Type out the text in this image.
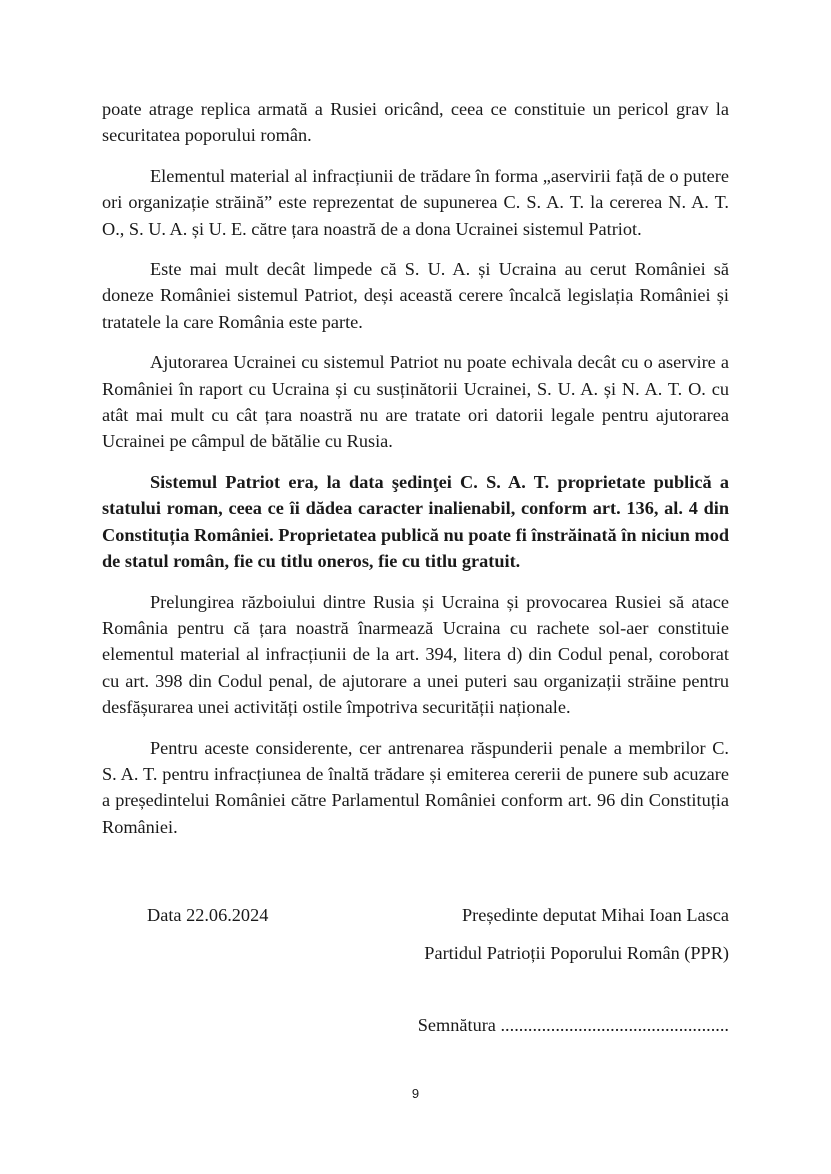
poate atrage replica armată a Rusiei oricând, ceea ce constituie un pericol grav la securitatea poporului român.

Elementul material al infracțiunii de trădare în forma „aservirii față de o putere ori organizație străină” este reprezentat de supunerea C. S. A. T. la cererea N. A. T. O., S. U. A. și U. E. către țara noastră de a dona Ucrainei sistemul Patriot.

Este mai mult decât limpede că S. U. A. și Ucraina au cerut României să doneze României sistemul Patriot, deși această cerere încalcă legislația României și tratatele la care România este parte.

Ajutorarea Ucrainei cu sistemul Patriot nu poate echivala decât cu o aservire a României în raport cu Ucraina și cu susținătorii Ucrainei, S. U. A. și N. A. T. O. cu atât mai mult cu cât țara noastră nu are tratate ori datorii legale pentru ajutorarea Ucrainei pe câmpul de bătălie cu Rusia.

Sistemul Patriot era, la data şedinţei C. S. A. T. proprietate publică a statului roman, ceea ce îi dădea caracter inalienabil, conform art. 136, al. 4 din Constituția României. Proprietatea publică nu poate fi înstrăinată în niciun mod de statul român, fie cu titlu oneros, fie cu titlu gratuit.

Prelungirea războiului dintre Rusia și Ucraina și provocarea Rusiei să atace România pentru că țara noastră înarmează Ucraina cu rachete sol-aer constituie elementul material al infracțiunii de la art. 394, litera d) din Codul penal, coroborat cu art. 398 din Codul penal, de ajutorare a unei puteri sau organizații străine pentru desfășurarea unei activități ostile împotriva securității naționale.

Pentru aceste considerente, cer antrenarea răspunderii penale a membrilor C. S. A. T. pentru infracțiunea de înaltă trădare și emiterea cererii de punere sub acuzare a președintelui României către Parlamentul României conform art. 96 din Constituția României.

Data 22.06.2024	Președinte deputat Mihai Ioan Lasca
Partidul Patrioții Poporului Român (PPR)
Semnătura ..................................................
9
